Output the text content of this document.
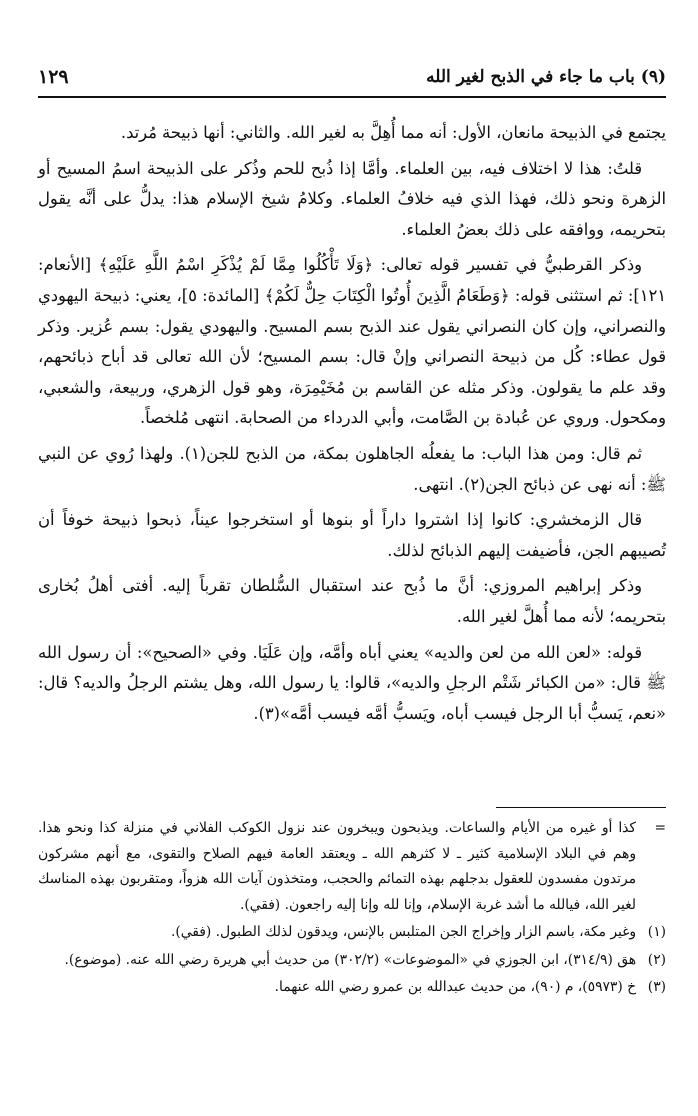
(٩) باب ما جاء في الذبح لغير الله
١٢٩

يجتمع في الذبيحة مانعان، الأول: أنه مما أُهِلَّ به لغير الله. والثاني: أنها ذبيحة مُرتد.

قلتُ: هذا لا اختلاف فيه، بين العلماء. وأمَّا إذا ذُبح للحم وذُكر على الذبيحة اسمُ المسيح أو الزهرة ونحو ذلك، فهذا الذي فيه خلافُ العلماء. وكلامُ شيخ الإسلام هذا: يدلُّ على أنَّه يقول بتحريمه، ووافقه على ذلك بعضُ العلماء.

وذكر القرطبيُّ في تفسير قوله تعالى: ﴿وَلَا تَأْكُلُوا مِمَّا لَمْ يُذْكَرِ اسْمُ اللَّهِ عَلَيْهِ﴾ [الأنعام: ١٢١]: ثم استثنى قوله: ﴿وَطَعَامُ الَّذِينَ أُوتُوا الْكِتَابَ حِلٌّ لَكُمْ﴾ [المائدة: ٥]، يعني: ذبيحة اليهودي والنصراني، وإن كان النصراني يقول عند الذبح بسم المسيح. واليهودي يقول: بسم عُزير. وذكر قول عطاء: كُل من ذبيحة النصراني وإنْ قال: بسم المسيح؛ لأن الله تعالى قد أباح ذبائحهم، وقد علم ما يقولون. وذكر مثله عن القاسم بن مُخَيْمِرَة، وهو قول الزهري، وربيعة، والشعبي، ومكحول. وروي عن عُبادة بن الصَّامت، وأبي الدرداء من الصحابة. انتهى مُلخصاً.

ثم قال: ومن هذا الباب: ما يفعلُه الجاهلون بمكة، من الذبح للجن(١). ولهذا رُوي عن النبي ﷺ: أنه نهى عن ذبائح الجن(٢). انتهى.

قال الزمخشري: كانوا إذا اشتروا داراً أو بنوها أو استخرجوا عيناً، ذبحوا ذبيحة خوفاً أن تُصيبهم الجن، فأضيفت إليهم الذبائح لذلك.

وذكر إبراهيم المروزي: أنَّ ما ذُبح عند استقبال السُّلطان تقرباً إليه. أفتى أهلُ بُخارى بتحريمه؛ لأنه مما أُهلَّ لغير الله.

قوله: «لعن الله من لعن والديه» يعني أباه وأمَّه، وإن عَلَيَا. وفي «الصحيح»: أن رسول الله ﷺ قال: «من الكبائر شَتْم الرجلِ والديه»، قالوا: يا رسول الله، وهل يشتم الرجلُ والديه؟ قال: «نعم، يَسبُّ أبا الرجل فيسب أباه، ويَسبُّ أمَّه فيسب أمَّه»(٣).

=
كذا أو غيره من الأيام والساعات. ويذبحون ويبخرون عند نزول الكوكب الفلاني في منزلة كذا ونحو هذا. وهم في البلاد الإسلامية كثير ـ لا كثرهم الله ـ ويعتقد العامة فيهم الصلاح والتقوى، مع أنهم مشركون مرتدون مفسدون للعقول بدجلهم بهذه التمائم والحجب، ومتخذون آيات الله هزواً، ومتقربون بهذه المناسك لغير الله، فيالله ما أشد غربة الإسلام، وإنا لله وإنا إليه راجعون. (فقي).
(١)
وغير مكة، باسم الزار وإخراج الجن المتلبس بالإنس، ويدقون لذلك الطبول. (فقي).
(٢)
هق (٣١٤/٩)، ابن الجوزي في «الموضوعات» (٣٠٢/٢) من حديث أبي هريرة رضي الله عنه. (موضوع).
(٣)
خ (٥٩٧٣)، م (٩٠)، من حديث عبدالله بن عمرو رضي الله عنهما.
